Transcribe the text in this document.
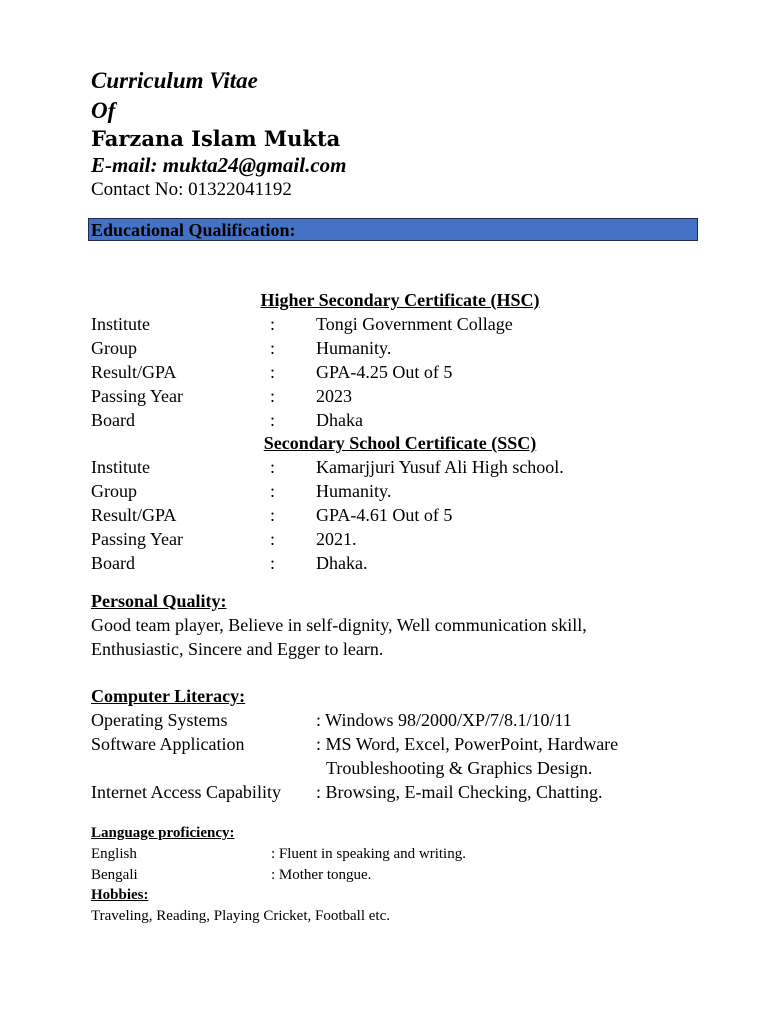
Curriculum Vitae
Of
Farzana Islam Mukta
E-mail: mukta24@gmail.com
Contact No: 01322041192
Educational Qualification:
Higher Secondary Certificate (HSC)
Institute	: Tongi Government Collage
Group	: Humanity.
Result/GPA	: GPA-4.25 Out of 5
Passing Year	: 2023
Board	: Dhaka
Secondary School Certificate (SSC)
Institute	: Kamarjjuri Yusuf Ali High school.
Group	: Humanity.
Result/GPA	: GPA-4.61 Out of 5
Passing Year	: 2021.
Board	: Dhaka.
Personal Quality:
Good team player, Believe in self-dignity, Well communication skill,
Enthusiastic, Sincere and Egger to learn.
Computer Literacy:
Operating Systems	: Windows 98/2000/XP/7/8.1/10/11
Software Application	: MS Word, Excel, PowerPoint, Hardware
Troubleshooting & Graphics Design.
Internet Access Capability : Browsing, E-mail Checking, Chatting.
Language proficiency:
English	: Fluent in speaking and writing.
Bengali	: Mother tongue.
Hobbies:
Traveling, Reading, Playing Cricket, Football etc.
